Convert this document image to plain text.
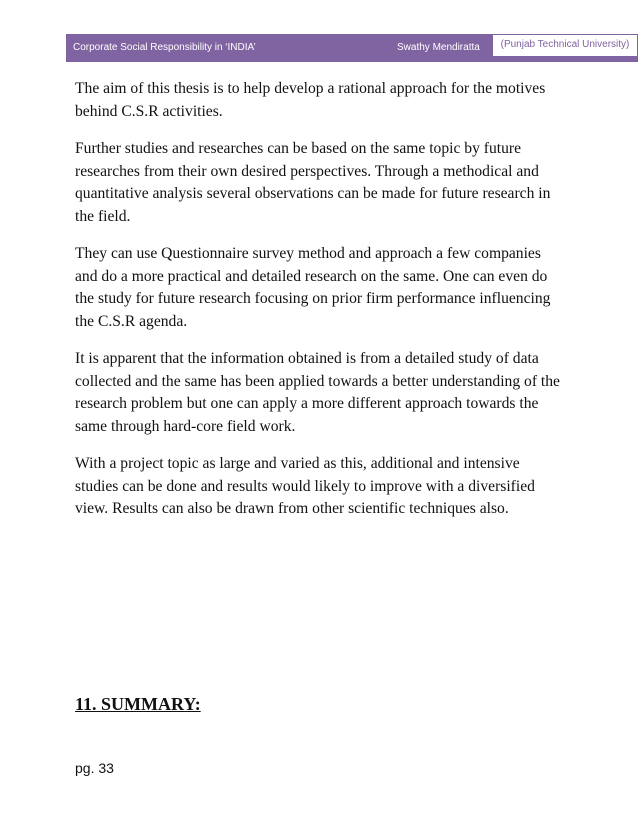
Corporate Social Responsibility in ‘INDIA’	Swathy Mendiratta	(Punjab Technical University)

The aim of this thesis is to help develop a rational approach for the motives behind C.S.R activities.

Further studies and researches can be based on the same topic by future researches from their own desired perspectives. Through a methodical and quantitative analysis several observations can be made for future research in the field.

They can use Questionnaire survey method and approach a few companies and do a more practical and detailed research on the same. One can even do the study for future research focusing on prior firm performance influencing the C.S.R agenda.

It is apparent that the information obtained is from a detailed study of data collected and the same has been applied towards a better understanding of the research problem but one can apply a more different approach towards the same through hard-core field work.

With a project topic as large and varied as this, additional and intensive studies can be done and results would likely to improve with a diversified view. Results can also be drawn from other scientific techniques also.

11. SUMMARY:
pg. 33
